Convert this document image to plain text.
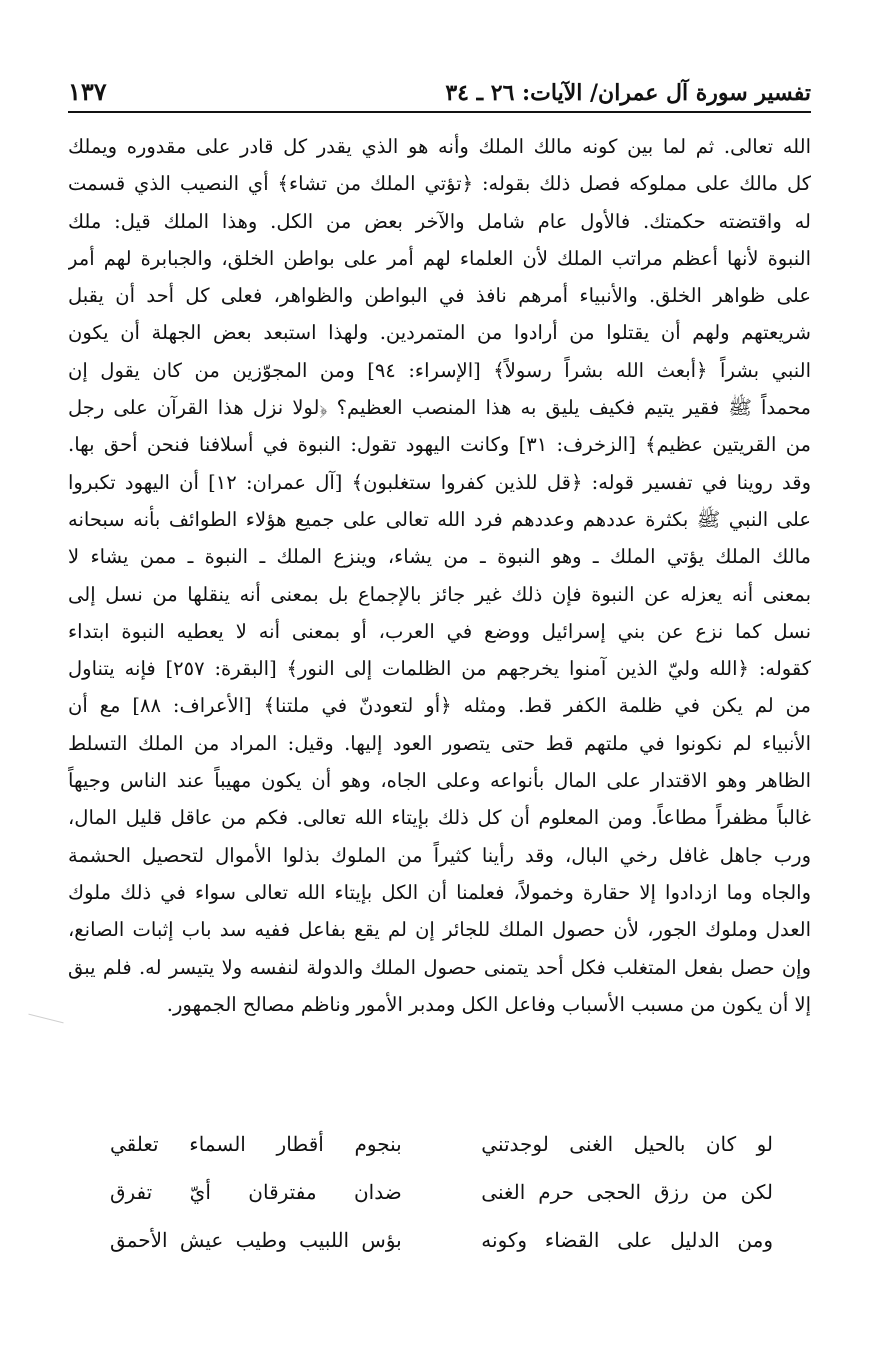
تفسير سورة آل عمران/ الآيات: ٢٦ ـ ٣٤
١٣٧
الله تعالى. ثم لما بين كونه مالك الملك وأنه هو الذي يقدر كل قادر على مقدوره ويملك
كل مالك على مملوكه فصل ذلك بقوله: ﴿تؤتي الملك من تشاء﴾ أي النصيب الذي قسمت
له واقتضته حكمتك. فالأول عام شامل والآخر بعض من الكل. وهذا الملك قيل: ملك
النبوة لأنها أعظم مراتب الملك لأن العلماء لهم أمر على بواطن الخلق، والجبابرة لهم أمر
على ظواهر الخلق. والأنبياء أمرهم نافذ في البواطن والظواهر، فعلى كل أحد أن يقبل
شريعتهم ولهم أن يقتلوا من أرادوا من المتمردين. ولهذا استبعد بعض الجهلة أن يكون
النبي بشراً ﴿أبعث الله بشراً رسولاً﴾ [الإسراء: ٩٤] ومن المجوّزين من كان يقول إن
محمداً ﷺ فقير يتيم فكيف يليق به هذا المنصب العظيم؟ ﴿لولا نزل هذا القرآن على رجل
من القريتين عظيم﴾ [الزخرف: ٣١] وكانت اليهود تقول: النبوة في أسلافنا فنحن أحق بها.
وقد روينا في تفسير قوله: ﴿قل للذين كفروا ستغلبون﴾ [آل عمران: ١٢] أن اليهود تكبروا
على النبي ﷺ بكثرة عددهم وعددهم فرد الله تعالى على جميع هؤلاء الطوائف بأنه سبحانه
مالك الملك يؤتي الملك ـ وهو النبوة ـ من يشاء، وينزع الملك ـ النبوة ـ ممن يشاء لا
بمعنى أنه يعزله عن النبوة فإن ذلك غير جائز بالإجماع بل بمعنى أنه ينقلها من نسل إلى
نسل كما نزع عن بني إسرائيل ووضع في العرب، أو بمعنى أنه لا يعطيه النبوة ابتداء
كقوله: ﴿الله وليّ الذين آمنوا يخرجهم من الظلمات إلى النور﴾ [البقرة: ٢٥٧] فإنه يتناول
من لم يكن في ظلمة الكفر قط. ومثله ﴿أو لتعودنّ في ملتنا﴾ [الأعراف: ٨٨] مع أن
الأنبياء لم نكونوا في ملتهم قط حتى يتصور العود إليها. وقيل: المراد من الملك التسلط
الظاهر وهو الاقتدار على المال بأنواعه وعلى الجاه، وهو أن يكون مهيباً عند الناس وجيهاً
غالباً مظفراً مطاعاً. ومن المعلوم أن كل ذلك بإيتاء الله تعالى. فكم من عاقل قليل المال،
ورب جاهل غافل رخي البال، وقد رأينا كثيراً من الملوك بذلوا الأموال لتحصيل الحشمة
والجاه وما ازدادوا إلا حقارة وخمولاً، فعلمنا أن الكل بإيتاء الله تعالى سواء في ذلك ملوك
العدل وملوك الجور، لأن حصول الملك للجائر إن لم يقع بفاعل ففيه سد باب إثبات الصانع،
وإن حصل بفعل المتغلب فكل أحد يتمنى حصول الملك والدولة لنفسه ولا يتيسر له. فلم يبق
إلا أن يكون من مسبب الأسباب وفاعل الكل ومدبر الأمور وناظم مصالح الجمهور.
لو كان بالحيل الغنى لوجدتني
بنجوم أقطار السماء تعلقي
لكن من رزق الحجى حرم الغنى
ضدان مفترقان أيّ تفرق
ومن الدليل على القضاء وكونه
بؤس اللبيب وطيب عيش الأحمق
